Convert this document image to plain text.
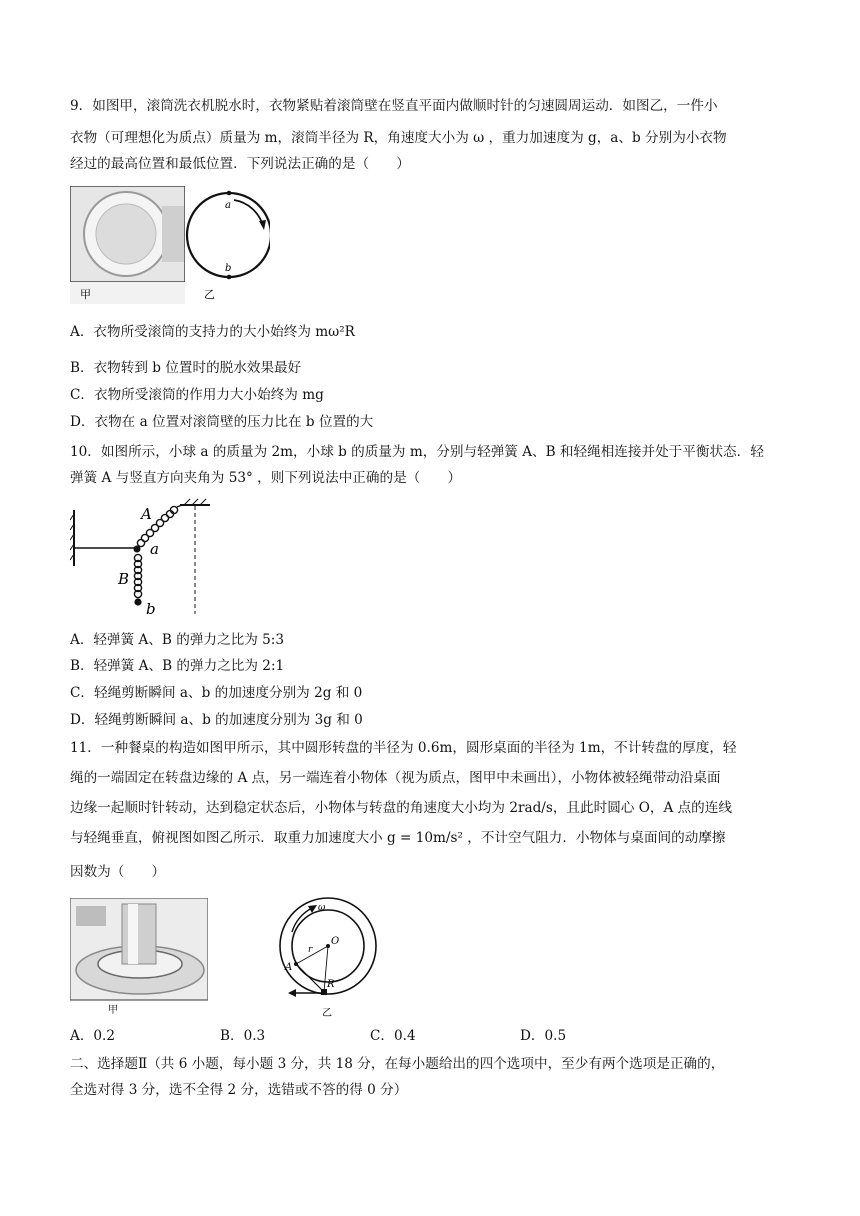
9．如图甲，滚筒洗衣机脱水时，衣物紧贴着滚筒壁在竖直平面内做顺时针的匀速圆周运动．如图乙，一件小
衣物（可理想化为质点）质量为 m，滚筒半径为 R，角速度大小为 ω ，重力加速度为 g，a、b 分别为小衣物
经过的最高位置和最低位置．下列说法正确的是（　　）
甲
a
b
乙
A．衣物所受滚筒的支持力的大小始终为 mω²R
B．衣物转到 b 位置时的脱水效果最好
C．衣物所受滚筒的作用力大小始终为 mg
D．衣物在 a 位置对滚筒壁的压力比在 b 位置的大
10．如图所示，小球 a 的质量为 2m，小球 b 的质量为 m，分别与轻弹簧 A、B 和轻绳相连接并处于平衡状态．轻
弹簧 A 与竖直方向夹角为 53° ，则下列说法中正确的是（　　）
A
a
B
b
A．轻弹簧 A、B 的弹力之比为 5:3
B．轻弹簧 A、B 的弹力之比为 2:1
C．轻绳剪断瞬间 a、b 的加速度分别为 2g 和 0
D．轻绳剪断瞬间 a、b 的加速度分别为 3g 和 0
11．一种餐桌的构造如图甲所示，其中圆形转盘的半径为 0.6m，圆形桌面的半径为 1m，不计转盘的厚度，轻
绳的一端固定在转盘边缘的 A 点，另一端连着小物体（视为质点，图甲中未画出），小物体被轻绳带动沿桌面
边缘一起顺时针转动，达到稳定状态后，小物体与转盘的角速度大小均为 2rad/s，且此时圆心 O，A 点的连线
与轻绳垂直，俯视图如图乙所示．取重力加速度大小 g = 10m/s² ，不计空气阻力．小物体与桌面间的动摩擦
因数为（　　）
甲
ω
O
r
A
R
乙
A．0.2	B．0.3	C．0.4	D．0.5
二、选择题Ⅱ（共 6 小题，每小题 3 分，共 18 分，在每小题给出的四个选项中，至少有两个选项是正确的，
全选对得 3 分，选不全得 2 分，选错或不答的得 0 分）
